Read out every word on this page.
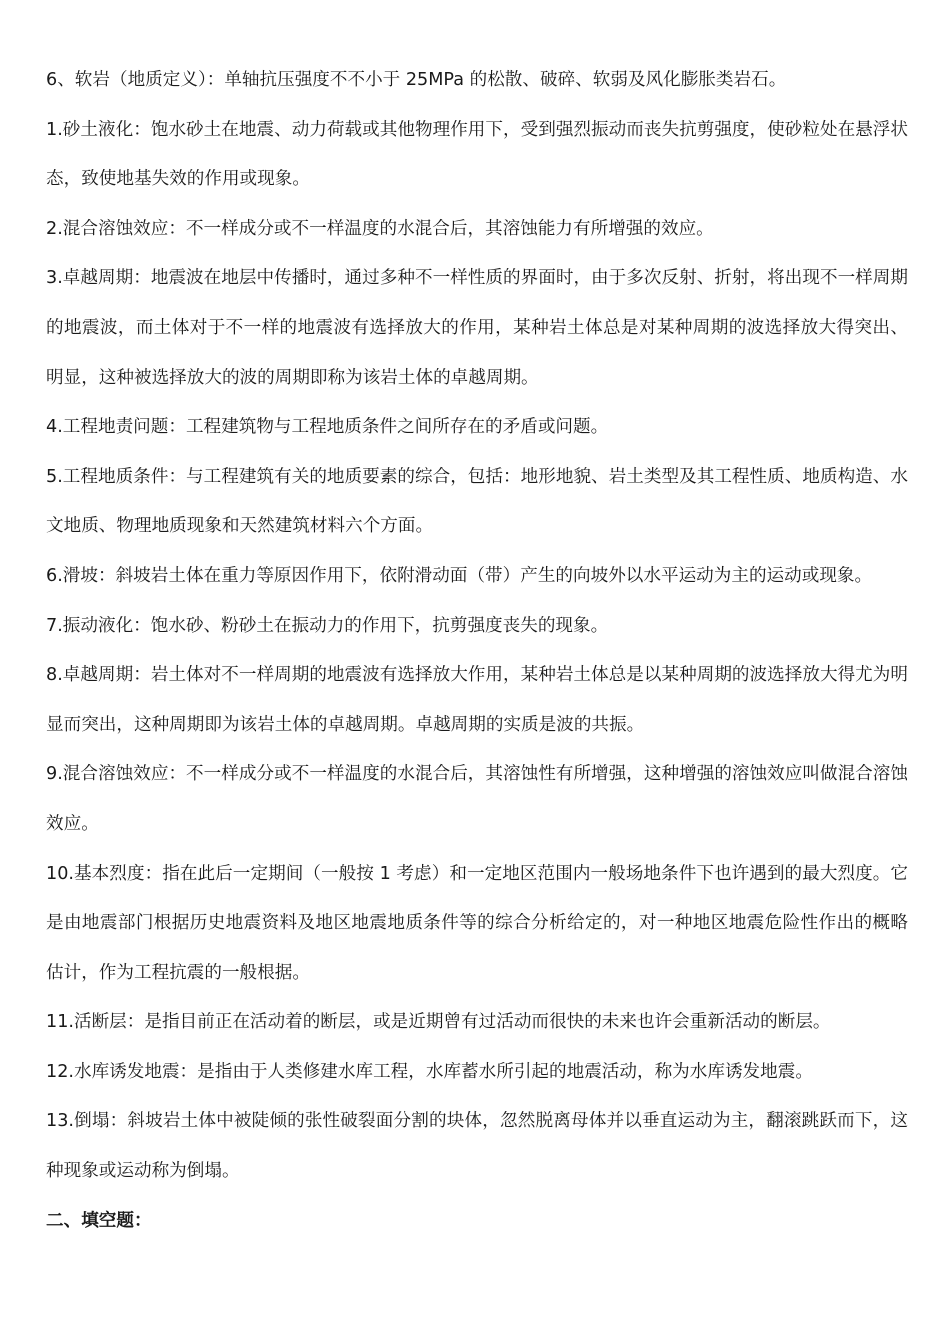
6、软岩（地质定义）：单轴抗压强度不不小于 25MPa 的松散、破碎、软弱及风化膨胀类岩石。

1.砂土液化：饱水砂土在地震、动力荷载或其他物理作用下，受到强烈振动而丧失抗剪强度，使砂粒处在悬浮状态，致使地基失效的作用或现象。

2.混合溶蚀效应：不一样成分或不一样温度的水混合后，其溶蚀能力有所增强的效应。

3.卓越周期：地震波在地层中传播时，通过多种不一样性质的界面时，由于多次反射、折射，将出现不一样周期的地震波，而土体对于不一样的地震波有选择放大的作用，某种岩土体总是对某种周期的波选择放大得突出、明显，这种被选择放大的波的周期即称为该岩土体的卓越周期。

4.工程地责问题：工程建筑物与工程地质条件之间所存在的矛盾或问题。

5.工程地质条件：与工程建筑有关的地质要素的综合，包括：地形地貌、岩土类型及其工程性质、地质构造、水文地质、物理地质现象和天然建筑材料六个方面。

6.滑坡：斜坡岩土体在重力等原因作用下，依附滑动面（带）产生的向坡外以水平运动为主的运动或现象。

7.振动液化：饱水砂、粉砂土在振动力的作用下，抗剪强度丧失的现象。

8.卓越周期：岩土体对不一样周期的地震波有选择放大作用，某种岩土体总是以某种周期的波选择放大得尤为明显而突出，这种周期即为该岩土体的卓越周期。卓越周期的实质是波的共振。

9.混合溶蚀效应：不一样成分或不一样温度的水混合后，其溶蚀性有所增强，这种增强的溶蚀效应叫做混合溶蚀效应。

10.基本烈度：指在此后一定期间（一般按 1 考虑）和一定地区范围内一般场地条件下也许遇到的最大烈度。它是由地震部门根据历史地震资料及地区地震地质条件等的综合分析给定的，对一种地区地震危险性作出的概略估计，作为工程抗震的一般根据。

11.活断层：是指目前正在活动着的断层，或是近期曾有过活动而很快的未来也许会重新活动的断层。

12.水库诱发地震：是指由于人类修建水库工程，水库蓄水所引起的地震活动，称为水库诱发地震。

13.倒塌：斜坡岩土体中被陡倾的张性破裂面分割的块体，忽然脱离母体并以垂直运动为主，翻滚跳跃而下，这种现象或运动称为倒塌。

二、填空题：
